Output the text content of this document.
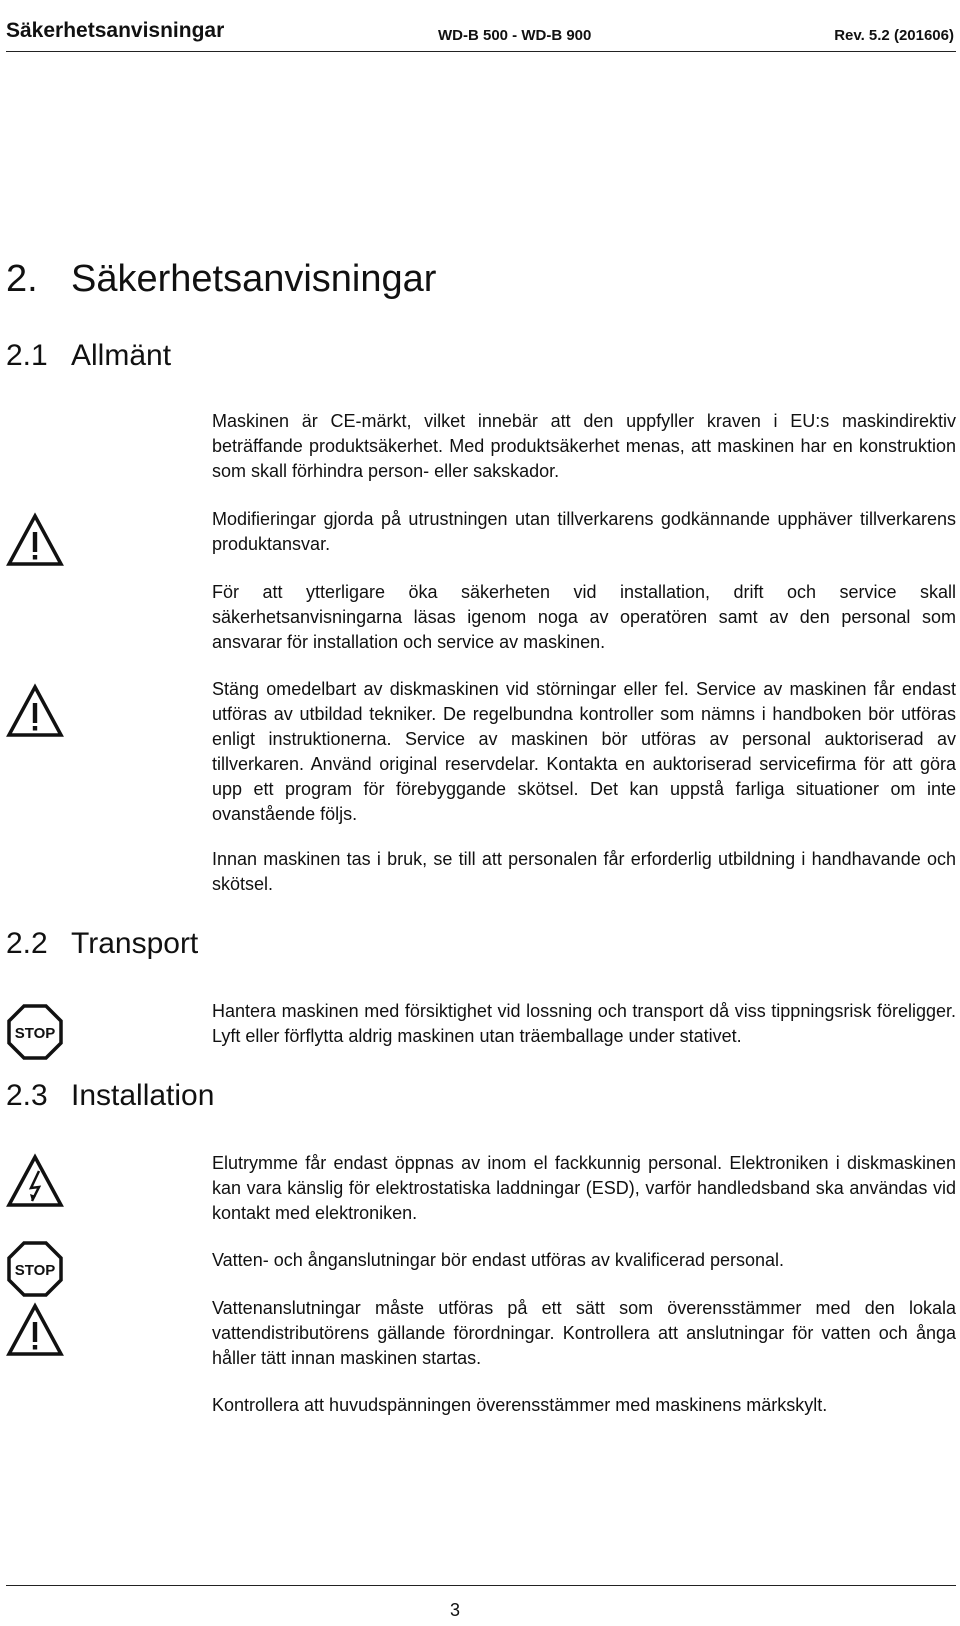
Säkerhetsanvisningar	WD-B 500 - WD-B 900	Rev. 5.2 (201606)
2. Säkerhetsanvisningar
2.1 Allmänt

Maskinen är CE-märkt, vilket innebär att den uppfyller kraven i EU:s maskindirektiv beträffande produktsäkerhet. Med produktsäkerhet menas, att maskinen har en konstruktion som skall förhindra person- eller sakskador.

Modifieringar gjorda på utrustningen utan tillverkarens godkännande upphäver tillverkarens produktansvar.

För att ytterligare öka säkerheten vid installation, drift och service skall säkerhetsanvisningarna läsas igenom noga av operatören samt av den personal som ansvarar för installation och service av maskinen.

Stäng omedelbart av diskmaskinen vid störningar eller fel. Service av maskinen får endast utföras av utbildad tekniker. De regelbundna kontroller som nämns i handboken bör utföras enligt instruktionerna. Service av maskinen bör utföras av personal auktoriserad av tillverkaren. Använd original reservdelar. Kontakta en auktoriserad servicefirma för att göra upp ett program för förebyggande skötsel. Det kan uppstå farliga situationer om inte ovanstående följs.

Innan maskinen tas i bruk, se till att personalen får erforderlig utbildning i handhavande och skötsel.

2.2 Transport
STOP

Hantera maskinen med försiktighet vid lossning och transport då viss tippningsrisk föreligger. Lyft eller förflytta aldrig maskinen utan träemballage under stativet.

2.3 Installation

Elutrymme får endast öppnas av inom el fackkunnig personal. Elektroniken i diskmaskinen kan vara känslig för elektrostatiska laddningar (ESD), varför handledsband ska användas vid kontakt med elektroniken.

STOP

Vatten- och ånganslutningar bör endast utföras av kvalificerad personal.

Vattenanslutningar måste utföras på ett sätt som överensstämmer med den lokala vattendistributörens gällande förordningar. Kontrollera att anslutningar för vatten och ånga håller tätt innan maskinen startas.

Kontrollera att huvudspänningen överensstämmer med maskinens märkskylt.

3
